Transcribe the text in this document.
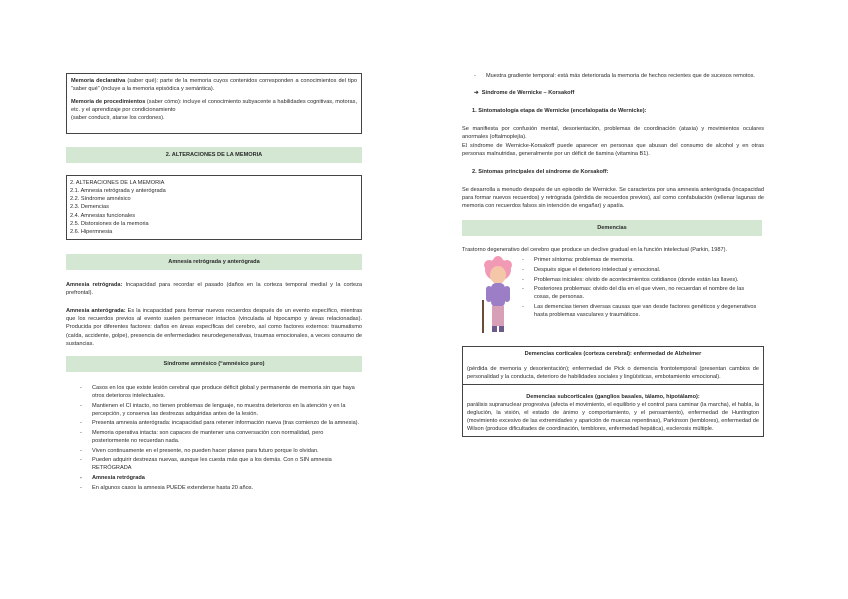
Memoria declarativa (saber qué): parte de la memoria cuyos contenidos corresponden a conocimientos del tipo “saber qué” (incluye a la memoria episódica y semántica).

Memoria de procedimientos (saber cómo): incluye el conocimiento subyacente a habilidades cognitivas, motoras, etc. y el aprendizaje por condicionamiento

(saber conducir, atarse los cordones).

2. ALTERACIONES DE LA MEMORIA
2. ALTERACIONES DE LA MEMORIA
2.1. Amnesia retrógrada y anterógrada
2.2. Síndrome amnésico
2.3. Demencias
2.4. Amnesias funcionales
2.5. Distorsiones de la memoria
2.6. Hipermnesia
Amnesia retrógrada y anterógrada

Amnesia retrógrada: Incapacidad para recordar el pasado (daños en la corteza temporal medial y la corteza prefrontal).

Amnesia anterógrada: Es la incapacidad para formar nuevos recuerdos después de un evento específico, mientras que los recuerdos previos al evento suelen permanecer intactos (vinculada al hipocampo y áreas relacionadas). Producida por diferentes factores: daños en áreas específicas del cerebro, así como factores externos: traumatismo (caída, accidente, golpe), presencia de enfermedades neurodegenerativas, traumas emocionales, a veces consumo de sustancias.

Síndrome amnésico (“amnésico puro)
- Casos en los que existe lesión cerebral que produce déficit global y permanente de memoria sin que haya otros deterioros intelectuales.
- Mantienen el CI intacto, no tienen problemas de lenguaje, no muestra deterioros en la atención y en la percepción, y conserva las destrezas adquiridas antes de la lesión.
- Presenta amnesia anterógrada: incapacidad para retener información nueva (tras comienzo de la amnesia).
- Memoria operativa intacta: son capaces de mantener una conversación con normalidad, pero posteriormente no recuerdan nada.
- Viven continuamente en el presente, no pueden hacer planes para futuro porque lo olvidan.
- Pueden adquirir destrezas nuevas, aunque les cuesta más que a los demás. Con o SIN amnesia RETRÓGRADA
- Amnesia retrógrada
- En algunos casos la amnesia PUEDE extenderse hasta 20 años.
- Muestra gradiente temporal: está más deteriorada la memoria de hechos recientes que de sucesos remotos.
➔ Síndrome de Wernicke – Korsakoff
1. Sintomatología etapa de Wernicke (encefalopatía de Wernicke):

Se manifiesta por confusión mental, desorientación, problemas de coordinación (ataxia) y movimientos oculares anormales (oftalmoplejía).

El síndrome de Wernicke-Korsakoff puede aparecer en personas que abusan del consumo de alcohol y en otras personas malnutridas, generalmente por un déficit de tiamina (vitamina B1).

2. Síntomas principales del síndrome de Korsakoff:

Se desarrolla a menudo después de un episodio de Wernicke. Se caracteriza por una amnesia anterógrada (incapacidad para formar nuevos recuerdos) y retrógrada (pérdida de recuerdos previos), así como confabulación (rellenar lagunas de memoria con recuerdos falsos sin intención de engañar) y apatía.

Demencias

Trastorno degenerativo del cerebro que produce un declive gradual en la función intelectual (Parkin, 1987).

- Primer síntoma: problemas de memoria.
- Después sigue el deterioro intelectual y emocional.
- Problemas iniciales: olvido de acontecimientos cotidianos (donde están las llaves).
- Posteriores problemas: olvido del día en el que viven, no recuerdan el nombre de las cosas, de personas.
- Las demencias tienen diversas causas que van desde factores genéticos y degenerativos hasta problemas vasculares y traumáticos.
Demencias corticales (corteza cerebral): enfermedad de Alzheimer

(pérdida de memoria y desorientación); enfermedad de Pick o demencia frontotemporal (presentan cambios de personalidad y la conducta, deterioro de habilidades sociales y lingüísticas, embotamiento emocional).

Demencias subcorticales (ganglios basales, tálamo, hipotálamo):

parálisis supranuclear progresiva (afecta el movimiento, el equilibrio y el control para caminar (la marcha), el habla, la deglución, la visión, el estado de ánimo y comportamiento, y el pensamiento), enfermedad de Huntington (movimiento excesivo de las extremidades y aparición de muecas repentinas), Parkinson (temblores), enfermedad de Wilson (produce dificultades de coordinación, temblores, enfermedad hepática), esclerosis múltiple.
